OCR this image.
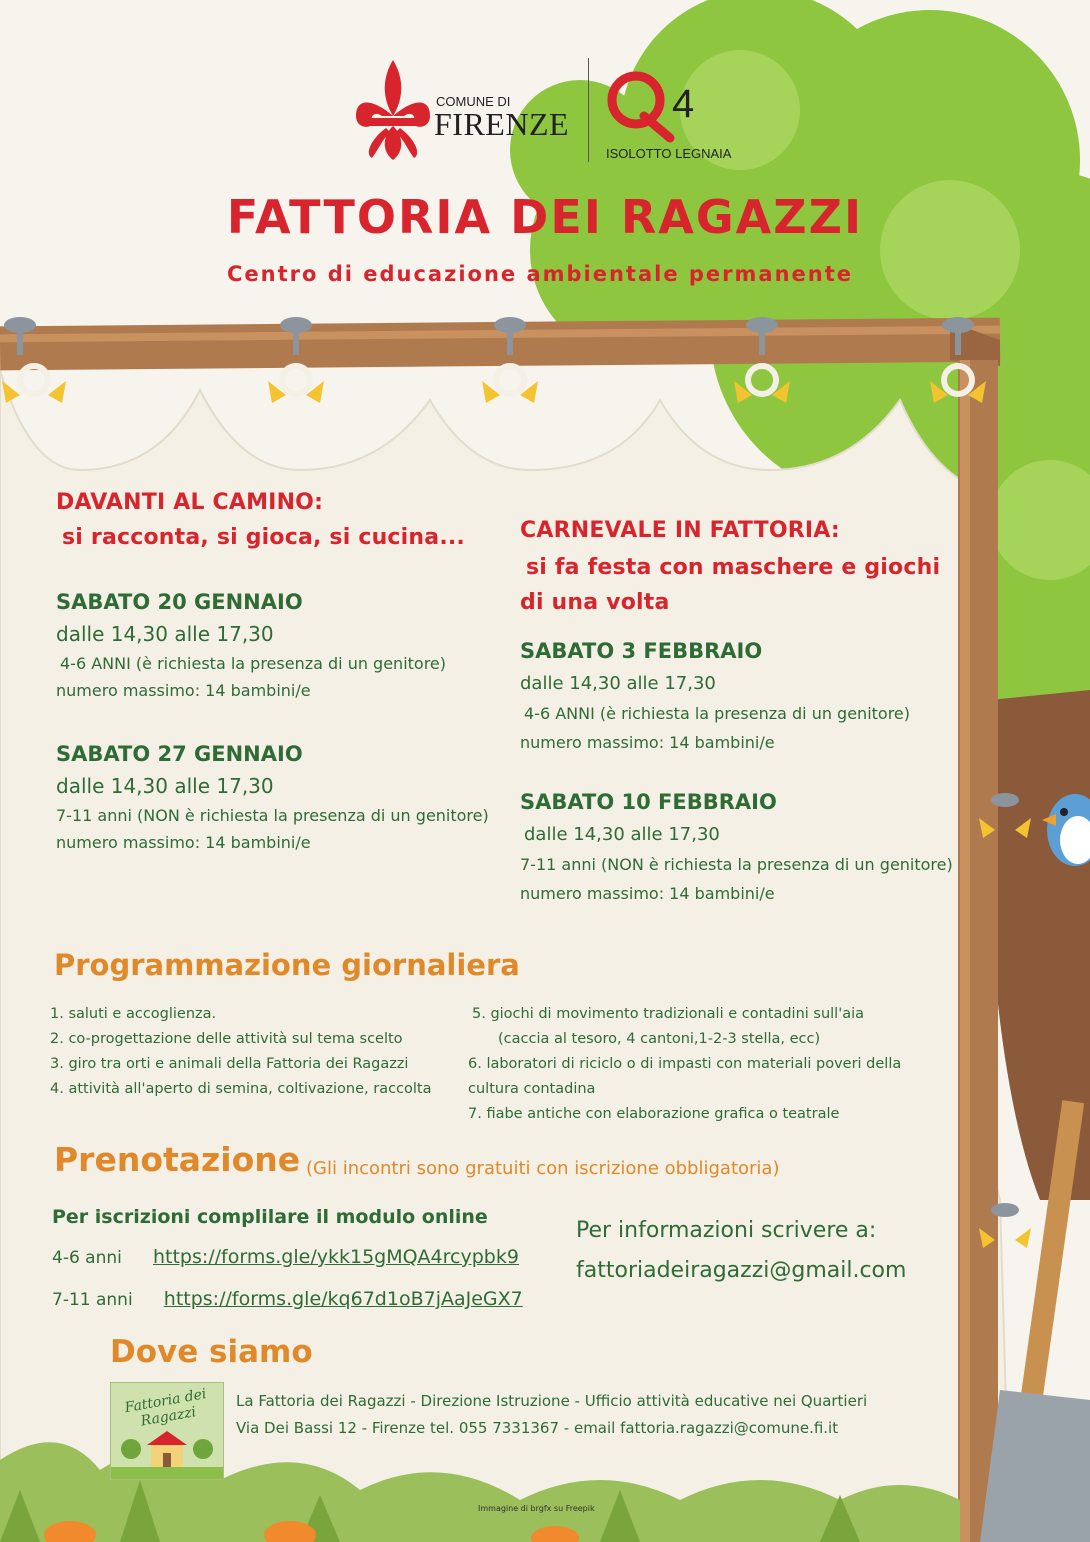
COMUNE DI
FIRENZE	4
ISOLOTTO LEGNAIA
FATTORIA DEI RAGAZZI
Centro di educazione ambientale permanente
DAVANTI AL CAMINO:
si racconta, si gioca, si cucina...
SABATO 20 GENNAIO
dalle 14,30 alle 17,30
4-6 ANNI (è richiesta la presenza di un genitore)
numero massimo: 14 bambini/e
SABATO 27 GENNAIO
dalle 14,30 alle 17,30
7-11 anni (NON è richiesta la presenza di un genitore)
numero massimo: 14 bambini/e
CARNEVALE IN FATTORIA:
si fa festa con maschere e giochi
di una volta
SABATO 3 FEBBRAIO
dalle 14,30 alle 17,30
4-6 ANNI (è richiesta la presenza di un genitore)
numero massimo: 14 bambini/e
SABATO 10 FEBBRAIO
dalle 14,30 alle 17,30
7-11 anni (NON è richiesta la presenza di un genitore)
numero massimo: 14 bambini/e
Programmazione giornaliera
1. saluti e accoglienza.
2. co-progettazione delle attività sul tema scelto
3. giro tra orti e animali della Fattoria dei Ragazzi
4. attività all'aperto di semina, coltivazione, raccolta
5. giochi di movimento tradizionali e contadini sull'aia
(caccia al tesoro, 4 cantoni,1-2-3 stella, ecc)
6. laboratori di riciclo o di impasti con materiali poveri della
cultura contadina
7. fiabe antiche con elaborazione grafica o teatrale
Prenotazione (Gli incontri sono gratuiti con iscrizione obbligatoria)
Per iscrizioni complilare il modulo online
4-6 anni https://forms.gle/ykk15gMQA4rcypbk9
7-11 anni https://forms.gle/kq67d1oB7jAaJeGX7
Per informazioni scrivere a:
fattoriadeiragazzi@gmail.com
Dove siamo
Fattoria dei Ragazzi
La Fattoria dei Ragazzi - Direzione Istruzione - Ufficio attività educative nei Quartieri
Via Dei Bassi 12 - Firenze tel. 055 7331367 - email fattoria.ragazzi@comune.fi.it
Immagine di brgfx su Freepik
